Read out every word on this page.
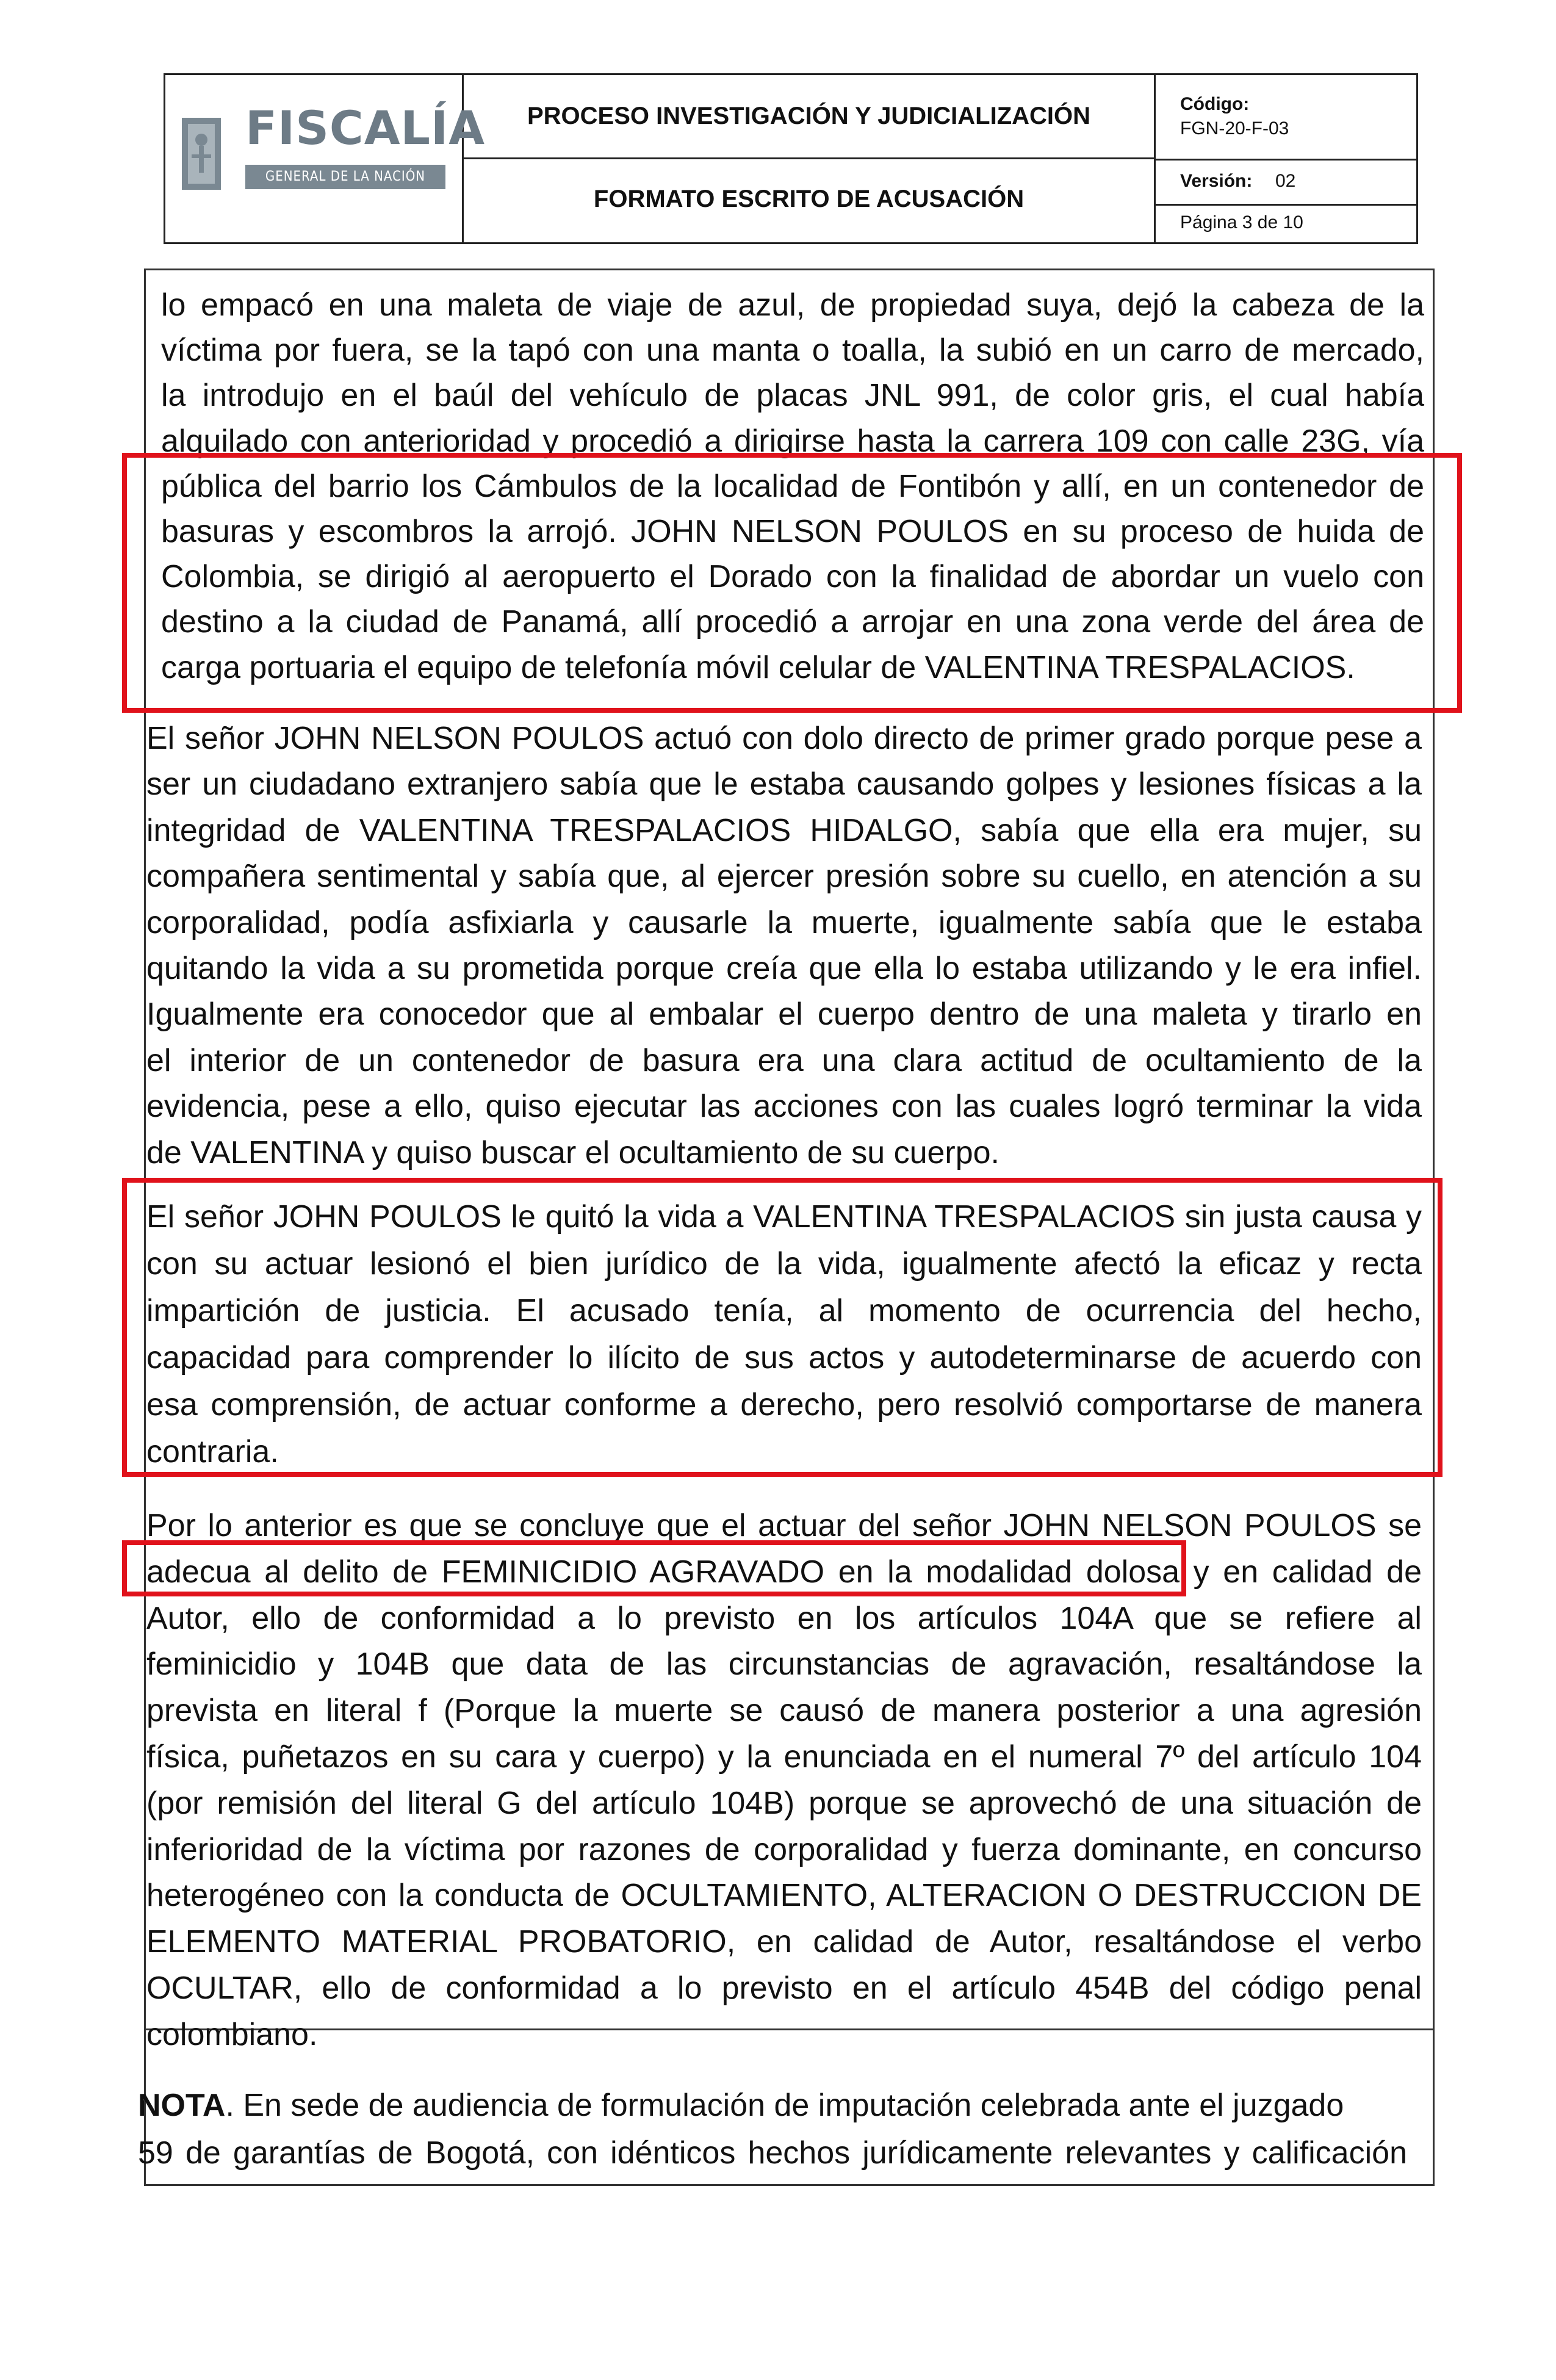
FISCALÍA
GENERAL DE LA NACIÓN
PROCESO INVESTIGACIÓN Y JUDICIALIZACIÓN
FORMATO ESCRITO DE ACUSACIÓN
Código:
FGN-20-F-03
Versión: 02
Página 3 de 10
lo empacó en una maleta de viaje de azul, de propiedad suya, dejó la cabeza de la
víctima por fuera, se la tapó con una manta o toalla, la subió en un carro de mercado,
la introdujo en el baúl del vehículo de placas JNL 991, de color gris, el cual había
alquilado con anterioridad y procedió a dirigirse hasta la carrera 109 con calle 23G, vía
pública del barrio los Cámbulos de la localidad de Fontibón y allí, en un contenedor de
basuras y escombros la arrojó. JOHN NELSON POULOS en su proceso de huida de
Colombia, se dirigió al aeropuerto el Dorado con la finalidad de abordar un vuelo con
destino a la ciudad de Panamá, allí procedió a arrojar en una zona verde del área de
carga portuaria el equipo de telefonía móvil celular de VALENTINA TRESPALACIOS.
El señor JOHN NELSON POULOS actuó con dolo directo de primer grado porque pese a
ser un ciudadano extranjero sabía que le estaba causando golpes y lesiones físicas a la
integridad de VALENTINA TRESPALACIOS HIDALGO, sabía que ella era mujer, su
compañera sentimental y sabía que, al ejercer presión sobre su cuello, en atención a su
corporalidad, podía asfixiarla y causarle la muerte, igualmente sabía que le estaba
quitando la vida a su prometida porque creía que ella lo estaba utilizando y le era infiel.
Igualmente era conocedor que al embalar el cuerpo dentro de una maleta y tirarlo en
el interior de un contenedor de basura era una clara actitud de ocultamiento de la
evidencia, pese a ello, quiso ejecutar las acciones con las cuales logró terminar la vida
de VALENTINA y quiso buscar el ocultamiento de su cuerpo.
El señor JOHN POULOS le quitó la vida a VALENTINA TRESPALACIOS sin justa causa y
con su actuar lesionó el bien jurídico de la vida, igualmente afectó la eficaz y recta
impartición de justicia. El acusado tenía, al momento de ocurrencia del hecho,
capacidad para comprender lo ilícito de sus actos y autodeterminarse de acuerdo con
esa comprensión, de actuar conforme a derecho, pero resolvió comportarse de manera
contraria.
Por lo anterior es que se concluye que el actuar del señor JOHN NELSON POULOS se
adecua al delito de FEMINICIDIO AGRAVADO en la modalidad dolosa y en calidad de
Autor, ello de conformidad a lo previsto en los artículos 104A que se refiere al
feminicidio y 104B que data de las circunstancias de agravación, resaltándose la
prevista en literal f (Porque la muerte se causó de manera posterior a una agresión
física, puñetazos en su cara y cuerpo) y la enunciada en el numeral 7º del artículo 104
(por remisión del literal G del artículo 104B) porque se aprovechó de una situación de
inferioridad de la víctima por razones de corporalidad y fuerza dominante, en concurso
heterogéneo con la conducta de OCULTAMIENTO, ALTERACION O DESTRUCCION DE
ELEMENTO MATERIAL PROBATORIO, en calidad de Autor, resaltándose el verbo
OCULTAR, ello de conformidad a lo previsto en el artículo 454B del código penal
colombiano.
NOTA. En sede de audiencia de formulación de imputación celebrada ante el juzgado
59 de garantías de Bogotá, con idénticos hechos jurídicamente relevantes y calificación
